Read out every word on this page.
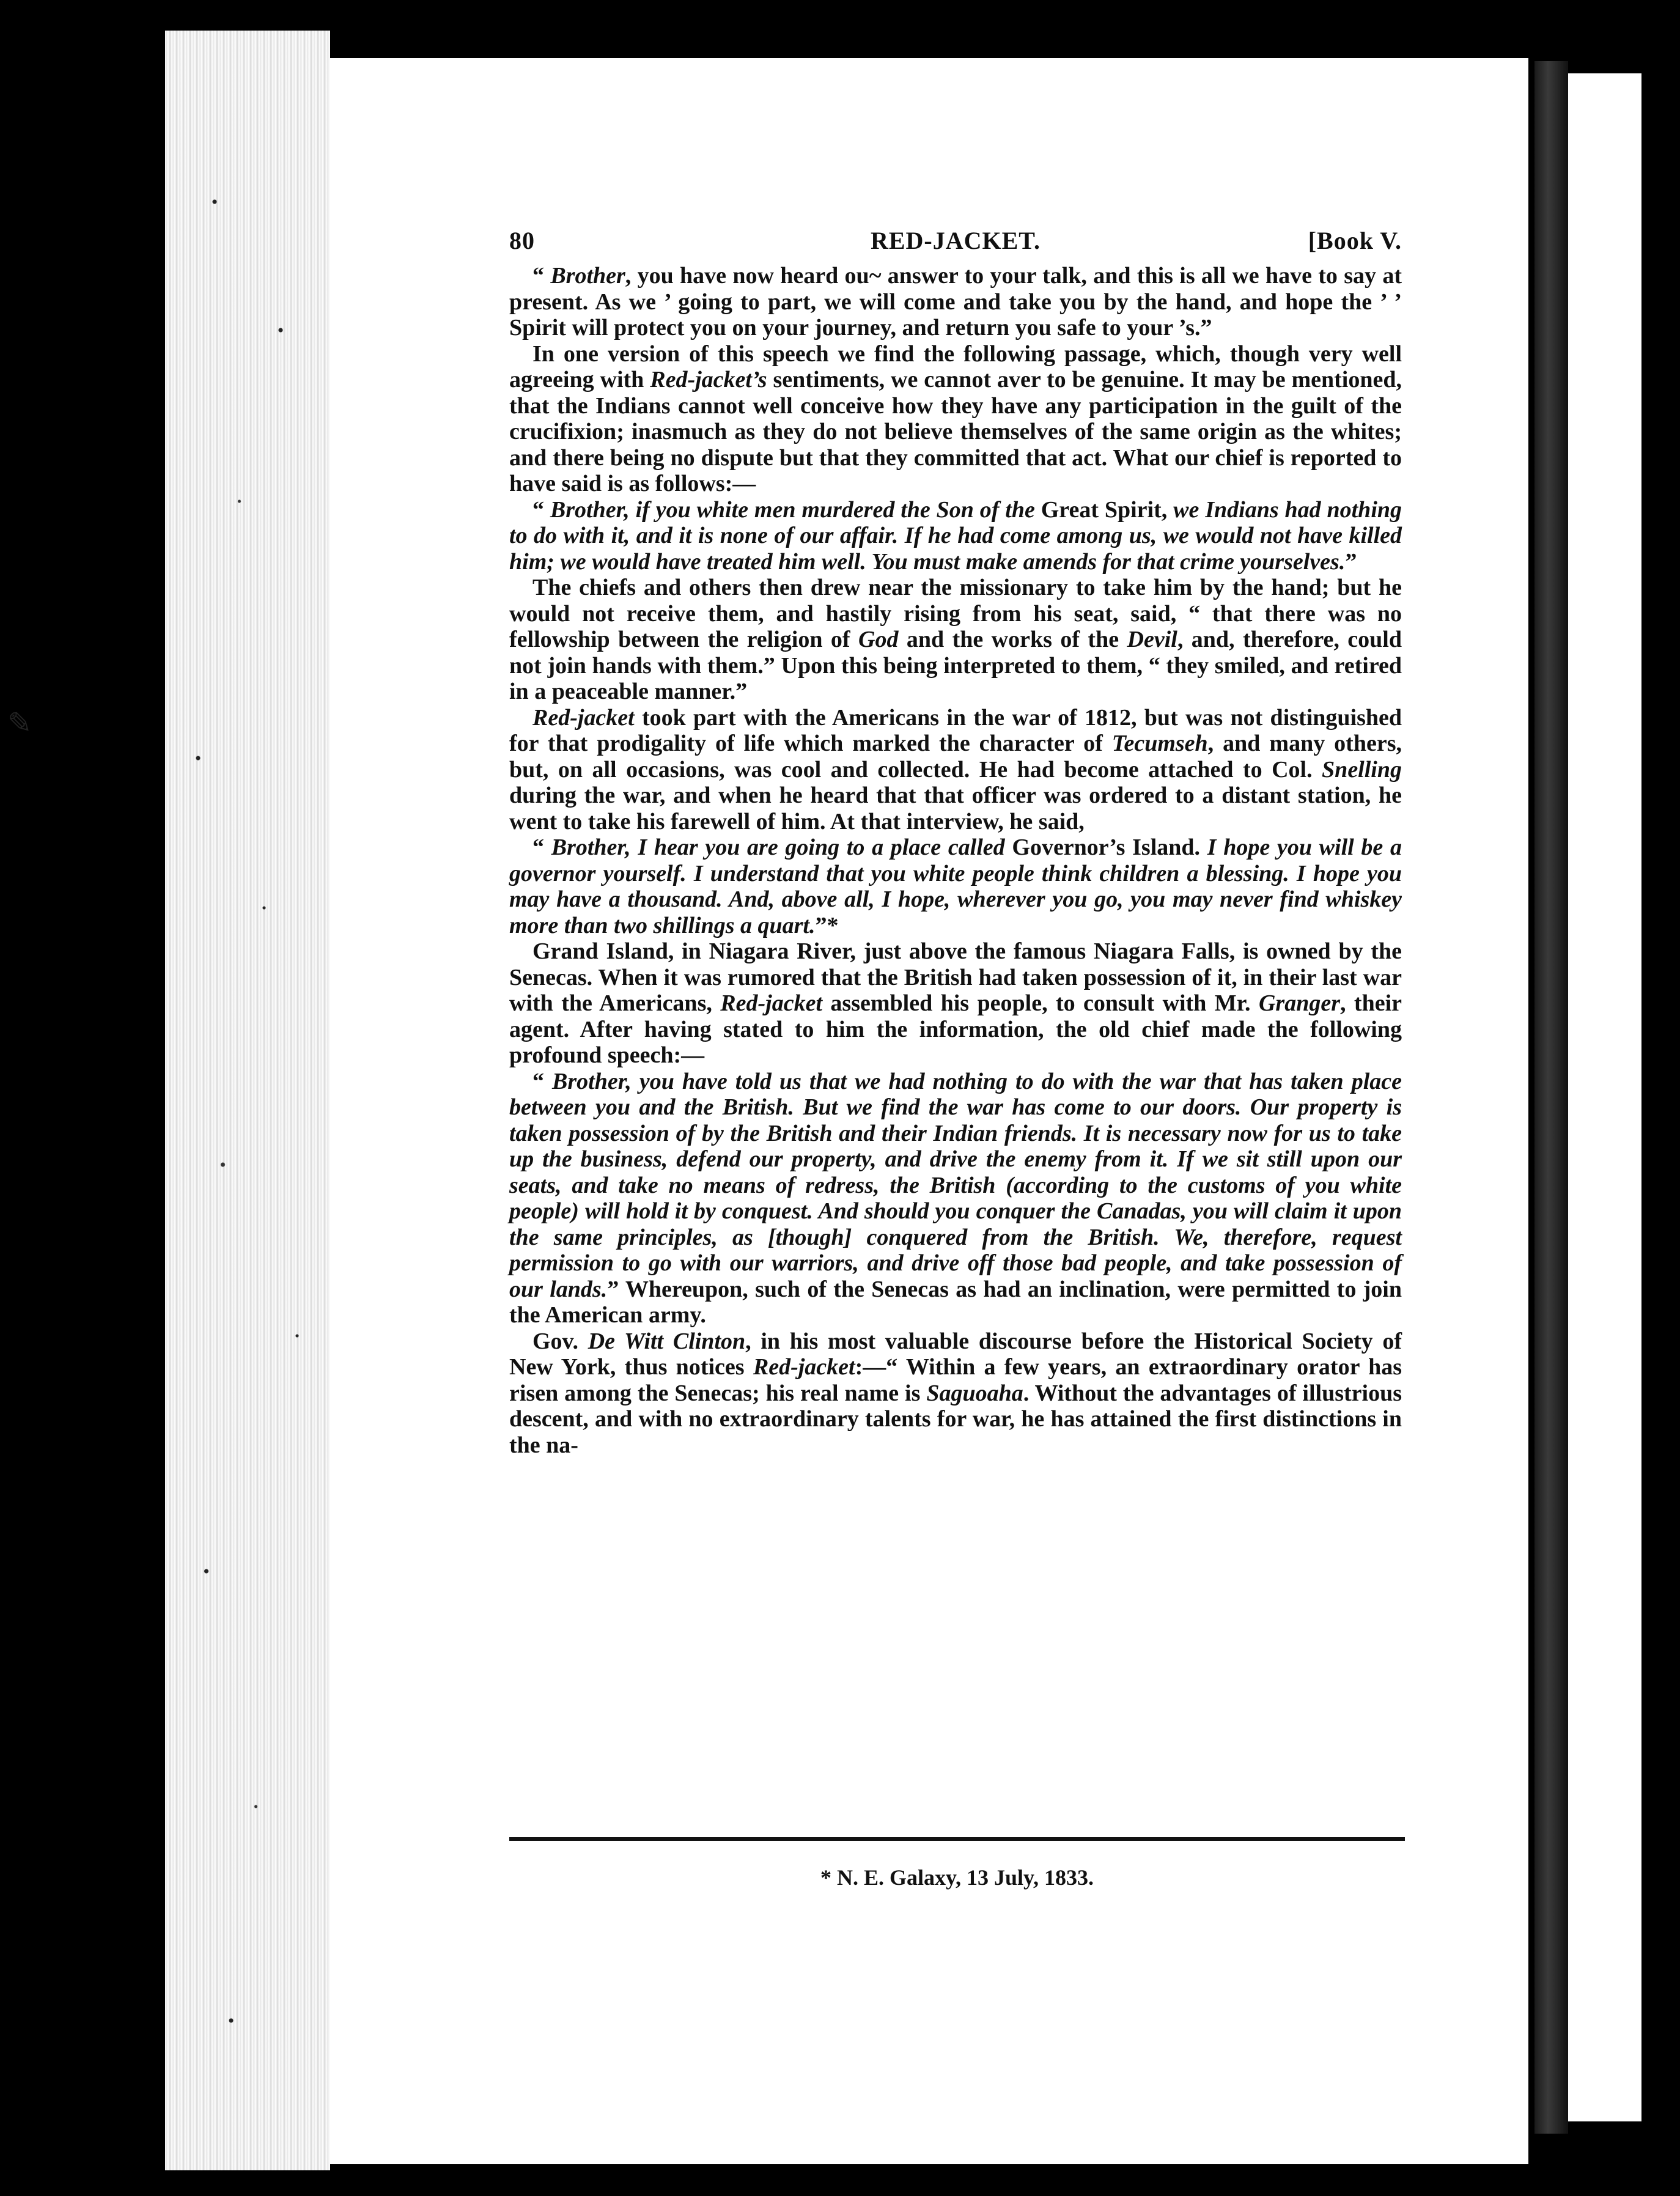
✎
80	RED-JACKET.	[Book V.

“ Brother, you have now heard ou~ answer to your talk, and this is all we have to say at present. As we ’ going to part, we will come and take you by the hand, and hope the ’ ’ Spirit will protect you on your journey, and return you safe to your ’s.”

In one version of this speech we find the following passage, which, though very well agreeing with Red-jacket’s sentiments, we cannot aver to be genuine. It may be mentioned, that the Indians cannot well conceive how they have any participation in the guilt of the crucifixion; inasmuch as they do not believe themselves of the same origin as the whites; and there being no dispute but that they committed that act. What our chief is reported to have said is as follows:—

“ Brother, if you white men murdered the Son of the Great Spirit, we Indians had nothing to do with it, and it is none of our affair. If he had come among us, we would not have killed him; we would have treated him well. You must make amends for that crime yourselves.”

The chiefs and others then drew near the missionary to take him by the hand; but he would not receive them, and hastily rising from his seat, said, “ that there was no fellowship between the religion of God and the works of the Devil, and, therefore, could not join hands with them.” Upon this being interpreted to them, “ they smiled, and retired in a peaceable manner.”

Red-jacket took part with the Americans in the war of 1812, but was not distinguished for that prodigality of life which marked the character of Tecumseh, and many others, but, on all occasions, was cool and collected. He had become attached to Col. Snelling during the war, and when he heard that that officer was ordered to a distant station, he went to take his farewell of him. At that interview, he said,

“ Brother, I hear you are going to a place called Governor’s Island. I hope you will be a governor yourself. I understand that you white people think children a blessing. I hope you may have a thousand. And, above all, I hope, wherever you go, you may never find whiskey more than two shillings a quart.”*

Grand Island, in Niagara River, just above the famous Niagara Falls, is owned by the Senecas. When it was rumored that the British had taken possession of it, in their last war with the Americans, Red-jacket assembled his people, to consult with Mr. Granger, their agent. After having stated to him the information, the old chief made the following profound speech:—

“ Brother, you have told us that we had nothing to do with the war that has taken place between you and the British. But we find the war has come to our doors. Our property is taken possession of by the British and their Indian friends. It is necessary now for us to take up the business, defend our property, and drive the enemy from it. If we sit still upon our seats, and take no means of redress, the British (according to the customs of you white people) will hold it by conquest. And should you conquer the Canadas, you will claim it upon the same principles, as [though] conquered from the British. We, therefore, request permission to go with our warriors, and drive off those bad people, and take possession of our lands.” Whereupon, such of the Senecas as had an inclination, were permitted to join the American army.

Gov. De Witt Clinton, in his most valuable discourse before the Historical Society of New York, thus notices Red-jacket:—“ Within a few years, an extraordinary orator has risen among the Senecas; his real name is Saguoaha. Without the advantages of illustrious descent, and with no extraordinary talents for war, he has attained the first distinctions in the na-

* N. E. Galaxy, 13 July, 1833.
